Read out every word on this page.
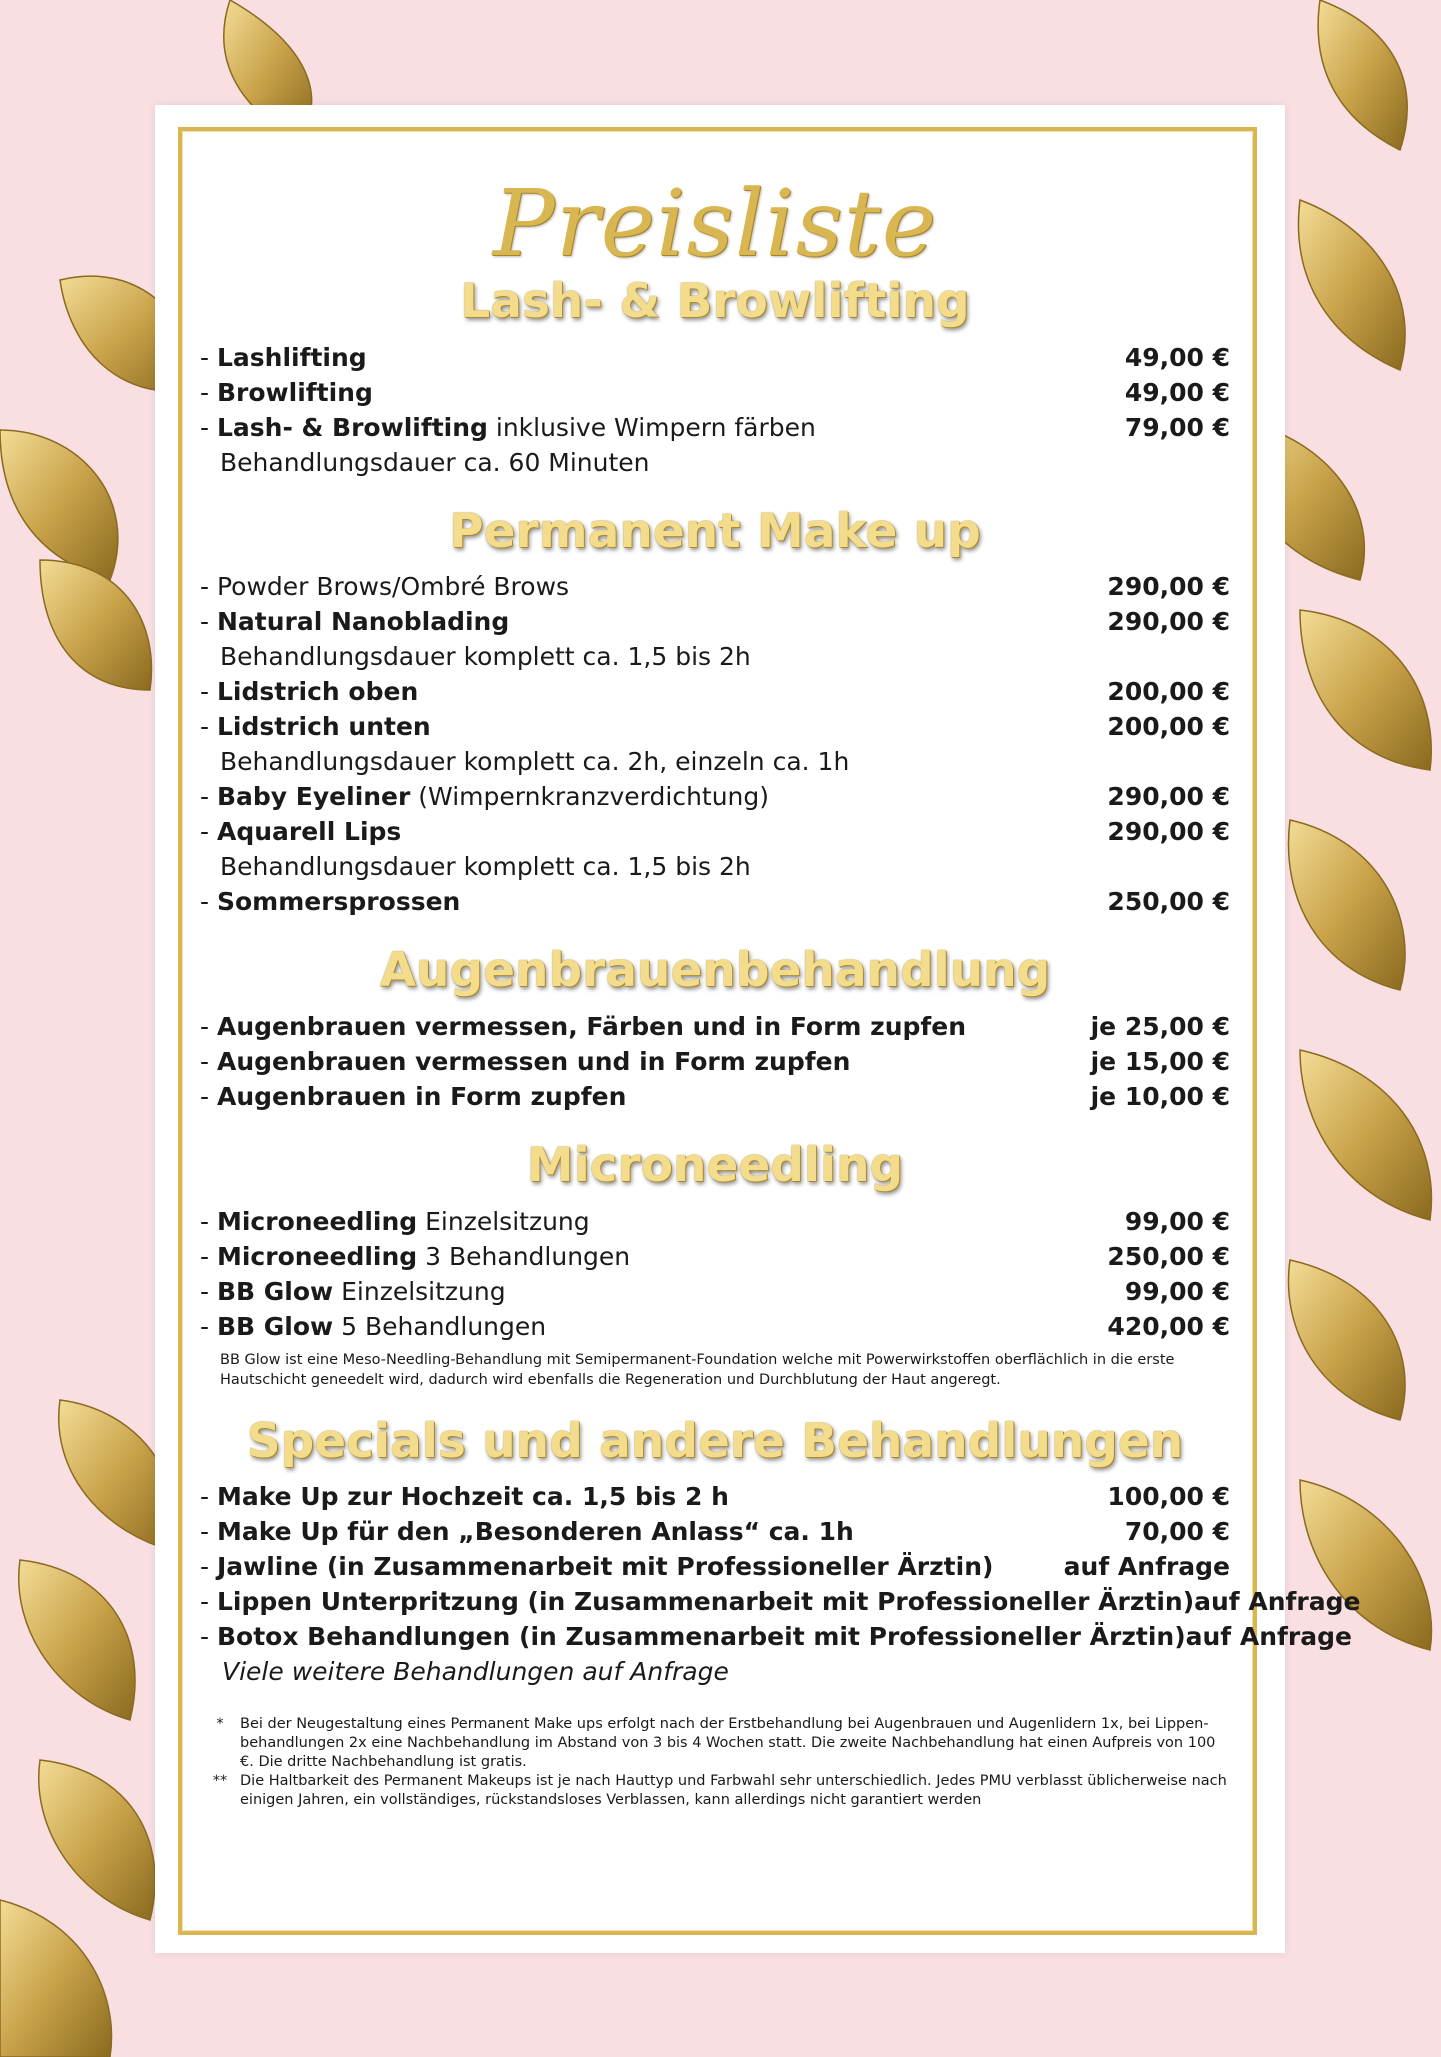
Preisliste
Lash- & Browlifting
- Lashlifting	49,00 €
- Browlifting	49,00 €
- Lash- & Browlifting inklusive Wimpern färben	79,00 €
Behandlungsdauer ca. 60 Minuten
Permanent Make up
- Powder Brows/Ombré Brows	290,00 €
- Natural Nanoblading	290,00 €
Behandlungsdauer komplett ca. 1,5 bis 2h
- Lidstrich oben	200,00 €
- Lidstrich unten	200,00 €
Behandlungsdauer komplett ca. 2h, einzeln ca. 1h
- Baby Eyeliner (Wimpernkranzverdichtung)	290,00 €
- Aquarell Lips	290,00 €
Behandlungsdauer komplett ca. 1,5 bis 2h
- Sommersprossen	250,00 €
Augenbrauenbehandlung
- Augenbrauen vermessen, Färben und in Form zupfen	je 25,00 €
- Augenbrauen vermessen und in Form zupfen	je 15,00 €
- Augenbrauen in Form zupfen	je 10,00 €
Microneedling
- Microneedling Einzelsitzung	99,00 €
- Microneedling 3 Behandlungen	250,00 €
- BB Glow Einzelsitzung	99,00 €
- BB Glow 5 Behandlungen	420,00 €
BB Glow ist eine Meso-Needling-Behandlung mit Semipermanent-Foundation welche mit Powerwirkstoffen oberflächlich in die erste Hautschicht geneedelt wird, dadurch wird ebenfalls die Regeneration und Durchblutung der Haut angeregt.
Specials und andere Behandlungen
- Make Up zur Hochzeit ca. 1,5 bis 2 h	100,00 €
- Make Up für den „Besonderen Anlass“ ca. 1h	70,00 €
- Jawline (in Zusammenarbeit mit Professioneller Ärztin)	auf Anfrage
- Lippen Unterpritzung (in Zusammenarbeit mit Professioneller Ärztin) auf Anfrage
- Botox Behandlungen (in Zusammenarbeit mit Professioneller Ärztin) auf Anfrage
Viele weitere Behandlungen auf Anfrage
*	Bei der Neugestaltung eines Permanent Make ups erfolgt nach der Erstbehandlung bei Augenbrauen und Augenlidern 1x, bei Lippen-behandlungen 2x eine Nachbehandlung im Abstand von 3 bis 4 Wochen statt. Die zweite Nachbehandlung hat einen Aufpreis von 100 €. Die dritte Nachbehandlung ist gratis.
** Die Haltbarkeit des Permanent Makeups ist je nach Hauttyp und Farbwahl sehr unterschiedlich. Jedes PMU verblasst üblicherweise nach einigen Jahren, ein vollständiges, rückstandsloses Verblassen, kann allerdings nicht garantiert werden
